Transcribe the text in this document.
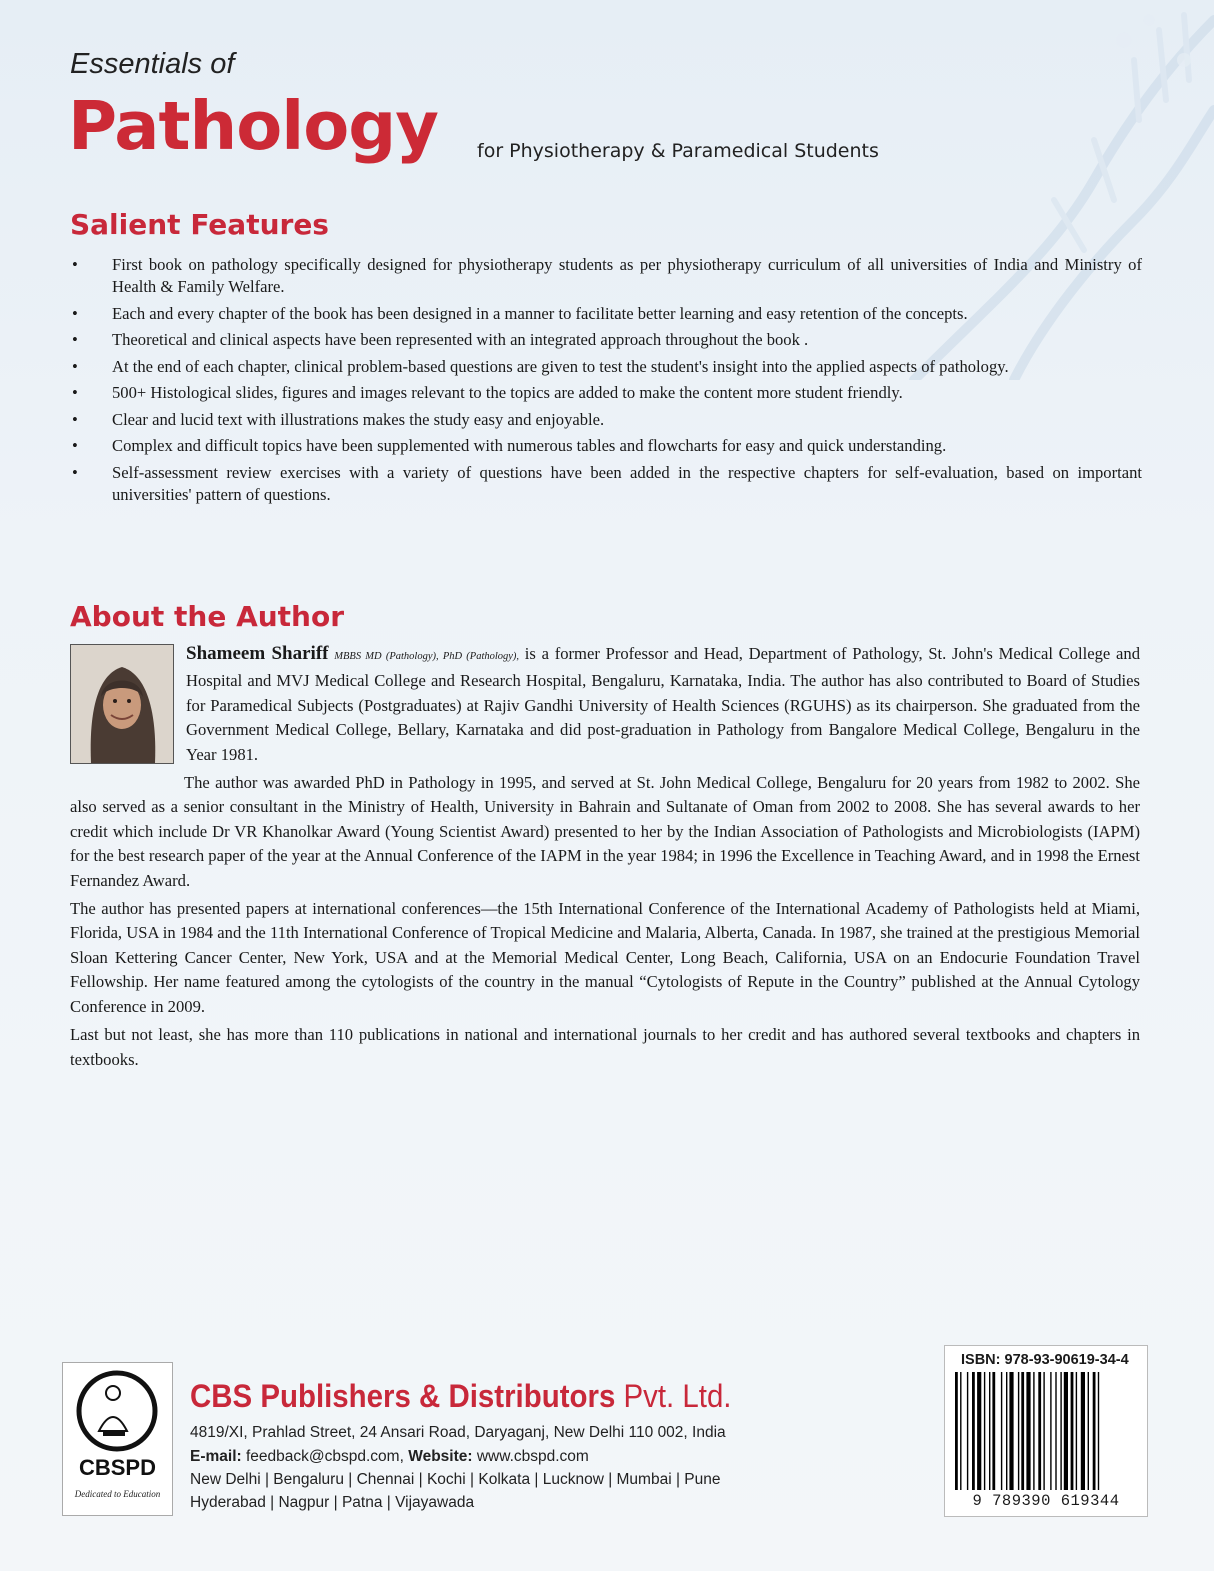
Essentials of
Pathology for Physiotherapy & Paramedical Students
Salient Features
• First book on pathology specifically designed for physiotherapy students as per physiotherapy curriculum of all universities of India and Ministry of Health & Family Welfare.
• Each and every chapter of the book has been designed in a manner to facilitate better learning and easy retention of the concepts.
• Theoretical and clinical aspects have been represented with an integrated approach throughout the book .
• At the end of each chapter, clinical problem-based questions are given to test the student's insight into the applied aspects of pathology.
• 500+ Histological slides, figures and images relevant to the topics are added to make the content more student friendly.
• Clear and lucid text with illustrations makes the study easy and enjoyable.
• Complex and difficult topics have been supplemented with numerous tables and flowcharts for easy and quick understanding.
• Self-assessment review exercises with a variety of questions have been added in the respective chapters for self-evaluation, based on important universities' pattern of questions.
About the Author

Shameem Shariff MBBS MD (Pathology), PhD (Pathology), is a former Professor and Head, Department of Pathology, St. John's Medical College and Hospital and MVJ Medical College and Research Hospital, Bengaluru, Karnataka, India. The author has also contributed to Board of Studies for Paramedical Subjects (Postgraduates) at Rajiv Gandhi University of Health Sciences (RGUHS) as its chairperson. She graduated from the Government Medical College, Bellary, Karnataka and did post-graduation in Pathology from Bangalore Medical College, Bengaluru in the Year 1981.

The author was awarded PhD in Pathology in 1995, and served at St. John Medical College, Bengaluru for 20 years from 1982 to 2002. She also served as a senior consultant in the Ministry of Health, University in Bahrain and Sultanate of Oman from 2002 to 2008. She has several awards to her credit which include Dr VR Khanolkar Award (Young Scientist Award) presented to her by the Indian Association of Pathologists and Microbiologists (IAPM) for the best research paper of the year at the Annual Conference of the IAPM in the year 1984; in 1996 the Excellence in Teaching Award, and in 1998 the Ernest Fernandez Award.

The author has presented papers at international conferences—the 15th International Conference of the International Academy of Pathologists held at Miami, Florida, USA in 1984 and the 11th International Conference of Tropical Medicine and Malaria, Alberta, Canada. In 1987, she trained at the prestigious Memorial Sloan Kettering Cancer Center, New York, USA and at the Memorial Medical Center, Long Beach, California, USA on an Endocurie Foundation Travel Fellowship. Her name featured among the cytologists of the country in the manual “Cytologists of Repute in the Country” published at the Annual Cytology Conference in 2009.

Last but not least, she has more than 110 publications in national and international journals to her credit and has authored several textbooks and chapters in textbooks.

CBSPD
Dedicated to Education
CBS Publishers & Distributors Pvt. Ltd.
4819/XI, Prahlad Street, 24 Ansari Road, Daryaganj, New Delhi 110 002, India
E-mail: feedback@cbspd.com, Website: www.cbspd.com
New Delhi | Bengaluru | Chennai | Kochi | Kolkata | Lucknow | Mumbai | Pune
Hyderabad | Nagpur | Patna | Vijayawada
ISBN: 978-93-90619-34-4
9 789390 619344
